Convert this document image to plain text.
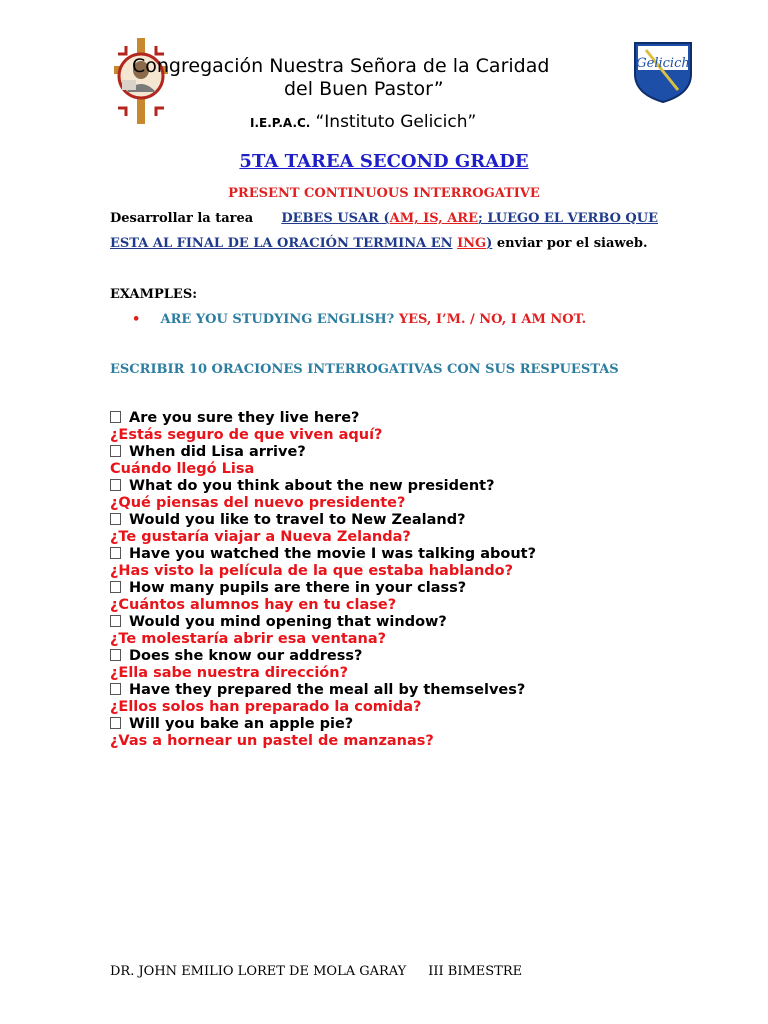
Gelicich
Congregación Nuestra Señora de la Caridad
del Buen Pastor”
I.E.P.A.C. “Instituto Gelicich”
5TA TAREA SECOND GRADE
PRESENT CONTINUOUS INTERROGATIVE
Desarrollar la tarea DEBES USAR (AM, IS, ARE; LUEGO EL VERBO QUE
ESTA AL FINAL DE LA ORACIÓN TERMINA EN ING) enviar por el siaweb.
EXAMPLES:
• ARE YOU STUDYING ENGLISH? YES, I’M. / NO, I AM NOT.
ESCRIBIR 10 ORACIONES INTERROGATIVAS CON SUS RESPUESTAS
Are you sure they live here?
¿Estás seguro de que viven aquí?
When did Lisa arrive?
Cuándo llegó Lisa
What do you think about the new president?
¿Qué piensas del nuevo presidente?
Would you like to travel to New Zealand?
¿Te gustaría viajar a Nueva Zelanda?
Have you watched the movie I was talking about?
¿Has visto la película de la que estaba hablando?
How many pupils are there in your class?
¿Cuántos alumnos hay en tu clase?
Would you mind opening that window?
¿Te molestaría abrir esa ventana?
Does she know our address?
¿Ella sabe nuestra dirección?
Have they prepared the meal all by themselves?
¿Ellos solos han preparado la comida?
Will you bake an apple pie?
¿Vas a hornear un pastel de manzanas?
DR. JOHN EMILIO LORET DE MOLA GARAY III BIMESTRE
